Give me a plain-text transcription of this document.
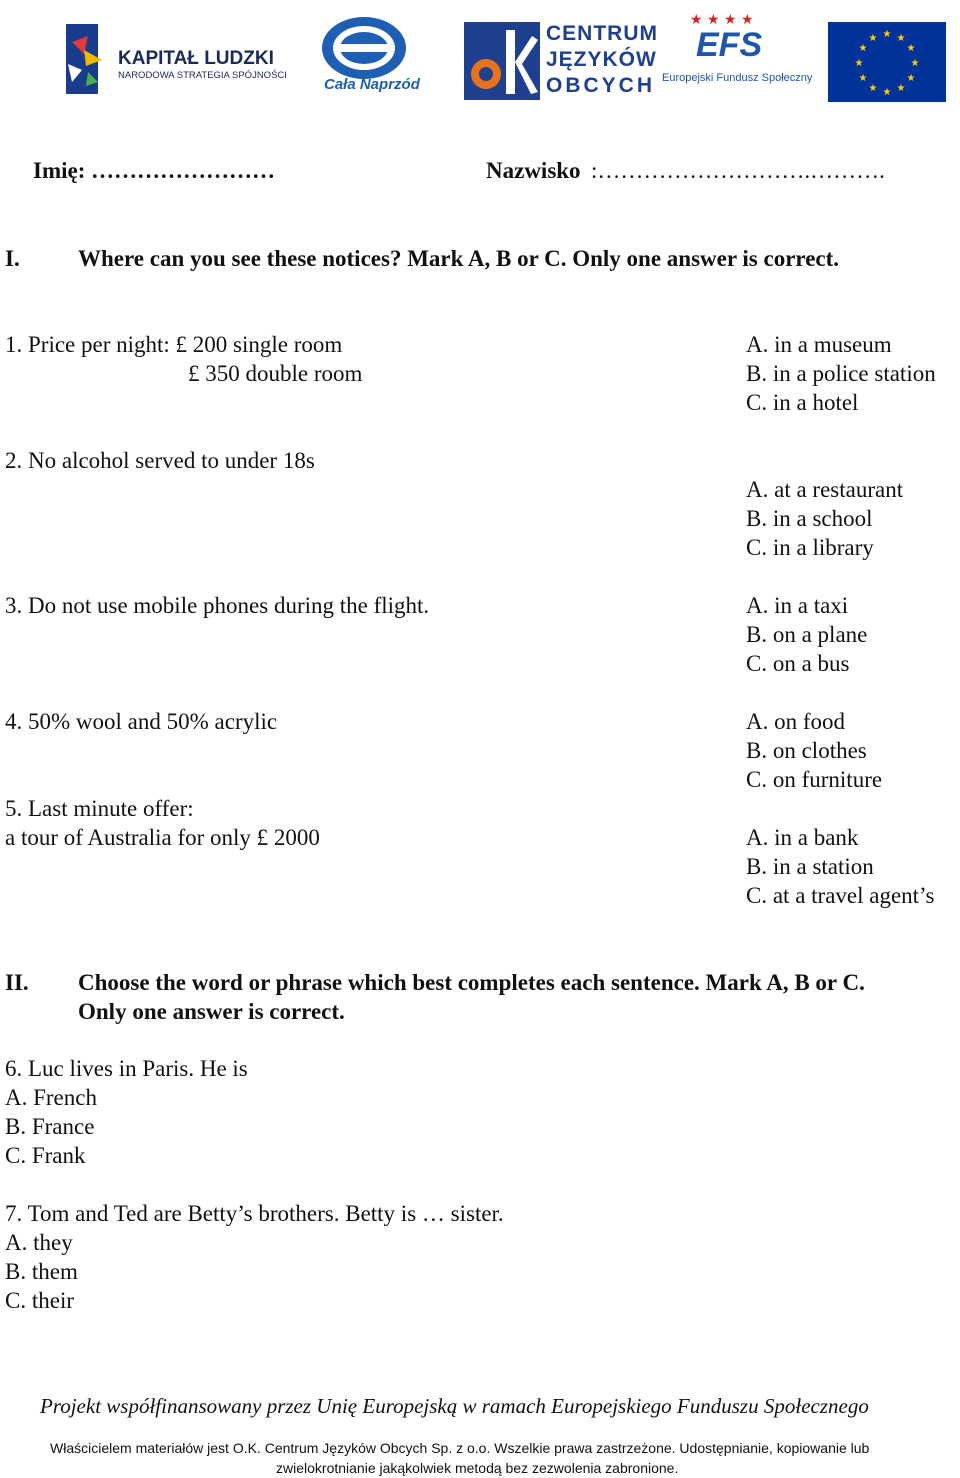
KAPITAŁ LUDZKI
NARODOWA STRATEGIA SPÓJNOŚCI
Cała Naprzód
CENTRUM
JĘZYKÓW
OBCYCH
★ ★ ★ ★
EFS
Europejski Fundusz Społeczny
★ ★
★
★
★
★
★
★
★
★
★
★
Imię: ……………………	Nazwisko :……………………….……….
I.	Where can you see these notices? Mark A, B or C. Only one answer is correct.
1. Price per night: £ 200 single room
£ 350 double room
A. in a museum
B. in a police station
C. in a hotel
2. No alcohol served to under 18s
A. at a restaurant
B. in a school
C. in a library
3. Do not use mobile phones during the flight.	A. in a taxi
B. on a plane
C. on a bus
4. 50% wool and 50% acrylic	A. on food
B. on clothes
C. on furniture
5. Last minute offer:
a tour of Australia for only £ 2000	A. in a bank
B. in a station
C. at a travel agent’s
II. Choose the word or phrase which best completes each sentence. Mark A, B or C.
Only one answer is correct.
6. Luc lives in Paris. He is
A. French
B. France
C. Frank
7. Tom and Ted are Betty’s brothers. Betty is … sister.
A. they
B. them
C. their
Projekt współfinansowany przez Unię Europejską w ramach Europejskiego Funduszu Społecznego
Właścicielem materiałów jest O.K. Centrum Języków Obcych Sp. z o.o. Wszelkie prawa zastrzeżone. Udostępnianie, kopiowanie lub
zwielokrotnianie jakąkolwiek metodą bez zezwolenia zabronione.
